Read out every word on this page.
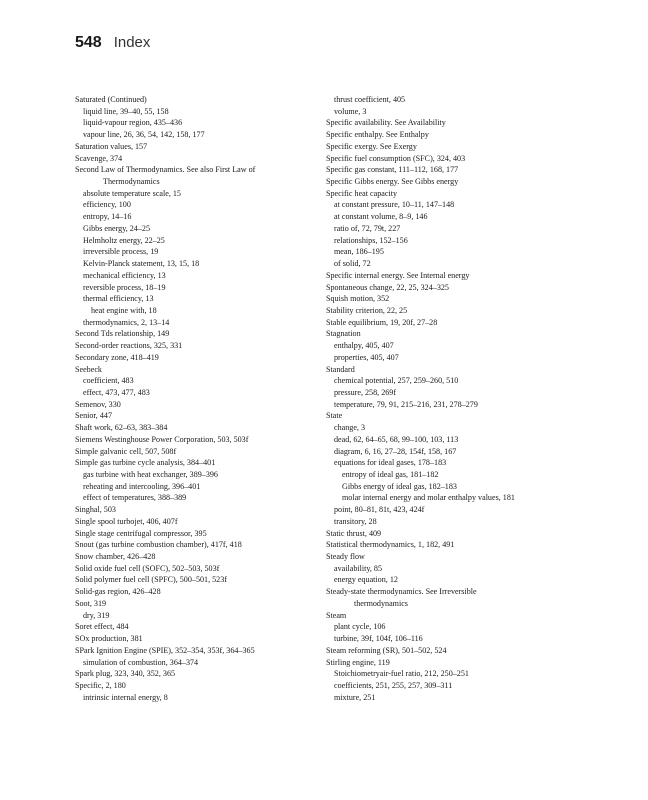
548 Index
Saturated (Continued)
liquid line, 39–40, 55, 158
liquid-vapour region, 435–436
vapour line, 26, 36, 54, 142, 158, 177
Saturation values, 157
Scavenge, 374
Second Law of Thermodynamics. See also First Law of
Thermodynamics
absolute temperature scale, 15
efficiency, 100
entropy, 14–16
Gibbs energy, 24–25
Helmholtz energy, 22–25
irreversible process, 19
Kelvin-Planck statement, 13, 15, 18
mechanical efficiency, 13
reversible process, 18–19
thermal efficiency, 13
heat engine with, 18
thermodynamics, 2, 13–14
Second Tds relationship, 149
Second-order reactions, 325, 331
Secondary zone, 418–419
Seebeck
coefficient, 483
effect, 473, 477, 483
Semenov, 330
Senior, 447
Shaft work, 62–63, 383–384
Siemens Westinghouse Power Corporation, 503, 503f
Simple galvanic cell, 507, 508f
Simple gas turbine cycle analysis, 384–401
gas turbine with heat exchanger, 389–396
reheating and intercooling, 396–401
effect of temperatures, 388–389
Singhal, 503
Single spool turbojet, 406, 407f
Single stage centrifugal compressor, 395
Snout (gas turbine combustion chamber), 417f, 418
Snow chamber, 426–428
Solid oxide fuel cell (SOFC), 502–503, 503f
Solid polymer fuel cell (SPFC), 500–501, 523f
Solid-gas region, 426–428
Soot, 319
dry, 319
Soret effect, 484
SOx production, 381
SPark Ignition Engine (SPIE), 352–354, 353f, 364–365
simulation of combustion, 364–374
Spark plug, 323, 340, 352, 365
Specific, 2, 180
intrinsic internal energy, 8
thrust coefficient, 405
volume, 3
Specific availability. See Availability
Specific enthalpy. See Enthalpy
Specific exergy. See Exergy
Specific fuel consumption (SFC), 324, 403
Specific gas constant, 111–112, 168, 177
Specific Gibbs energy. See Gibbs energy
Specific heat capacity
at constant pressure, 10–11, 147–148
at constant volume, 8–9, 146
ratio of, 72, 79t, 227
relationships, 152–156
mean, 186–195
of solid, 72
Specific internal energy. See Internal energy
Spontaneous change, 22, 25, 324–325
Squish motion, 352
Stability criterion, 22, 25
Stable equilibrium, 19, 20f, 27–28
Stagnation
enthalpy, 405, 407
properties, 405, 407
Standard
chemical potential, 257, 259–260, 510
pressure, 258, 269f
temperature, 79, 91, 215–216, 231, 278–279
State
change, 3
dead, 62, 64–65, 68, 99–100, 103, 113
diagram, 6, 16, 27–28, 154f, 158, 167
equations for ideal gases, 178–183
entropy of ideal gas, 181–182
Gibbs energy of ideal gas, 182–183
molar internal energy and molar enthalpy values, 181
point, 80–81, 81t, 423, 424f
transitory, 28
Static thrust, 409
Statistical thermodynamics, 1, 182, 491
Steady flow
availability, 85
energy equation, 12
Steady-state thermodynamics. See Irreversible
thermodynamics
Steam
plant cycle, 106
turbine, 39f, 104f, 106–116
Steam reforming (SR), 501–502, 524
Stirling engine, 119
Stoichiometryair-fuel ratio, 212, 250–251
coefficients, 251, 255, 257, 309–311
mixture, 251
